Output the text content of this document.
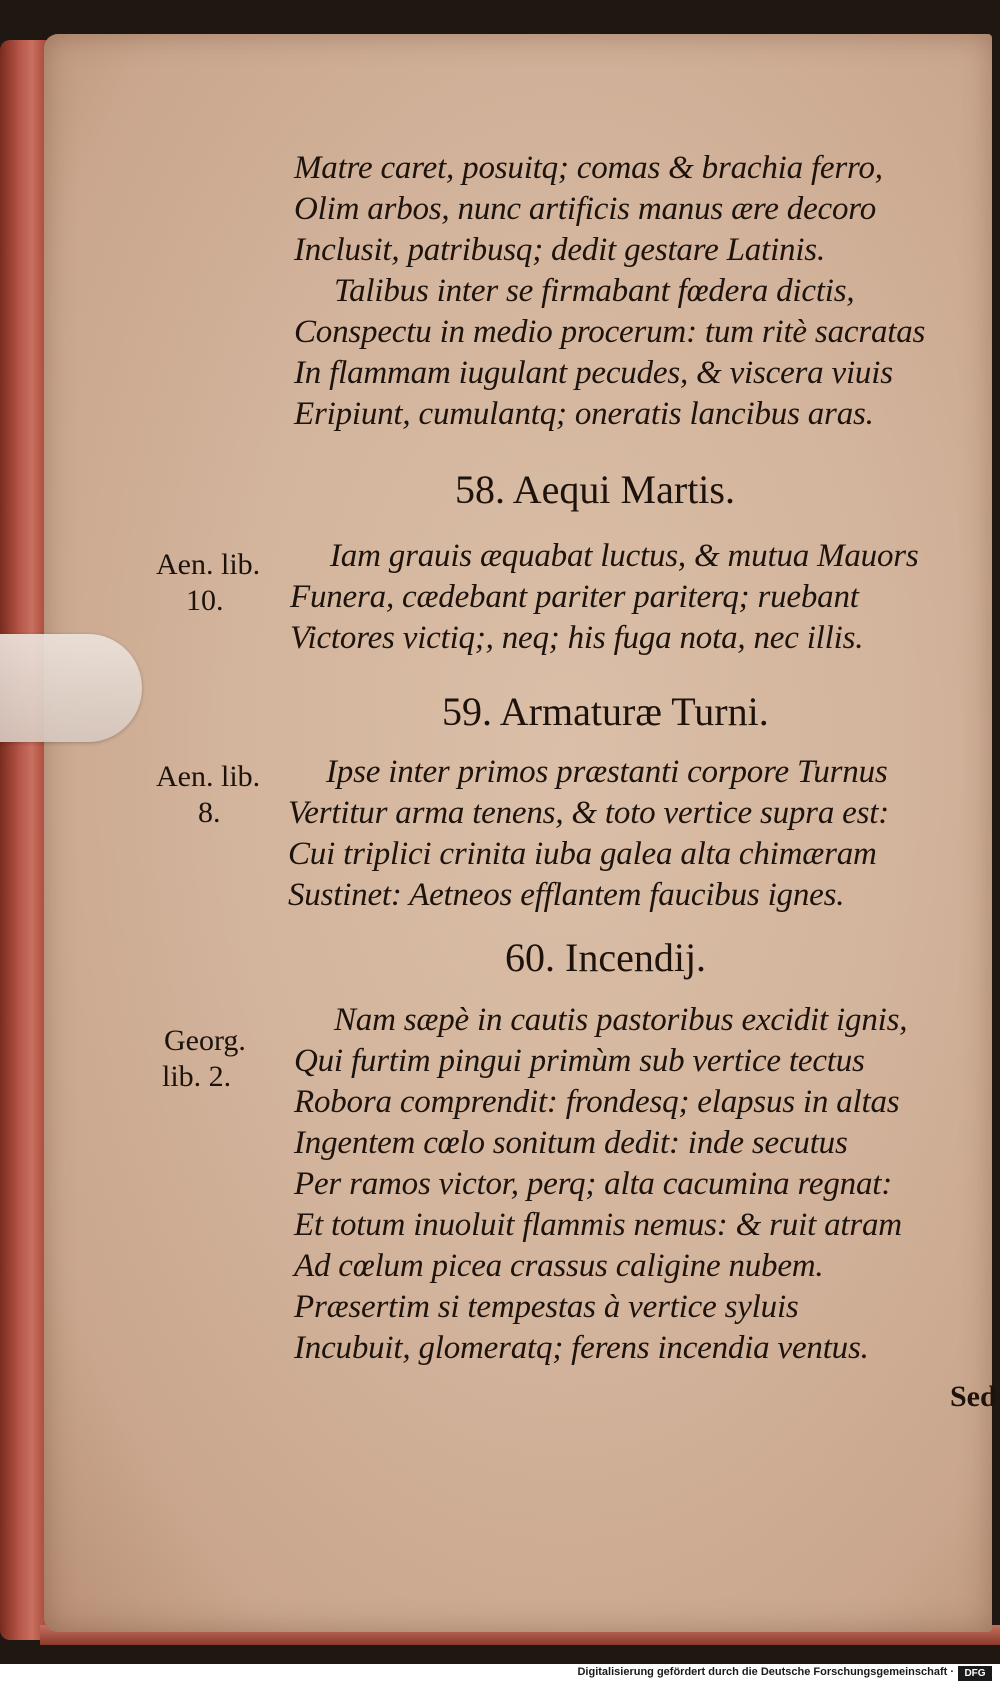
Matre caret, posuitq; comas & brachia ferro,
Olim arbos, nunc artificis manus ære decoro
Inclusit, patribusq; dedit gestare Latinis.
Talibus inter se firmabant fœdera dictis,
Conspectu in medio procerum: tum ritè sacratas
In flammam iugulant pecudes, & viscera viuis
Eripiunt, cumulantq; oneratis lancibus aras.
58. Aequi Martis.
Aen. lib.
10.
Iam grauis æquabat luctus, & mutua Mauors
Funera, cædebant pariter pariterq; ruebant
Victores victiq;, neq; his fuga nota, nec illis.
59. Armaturæ Turni.
Aen. lib.
8.
Ipse inter primos præstanti corpore Turnus
Vertitur arma tenens, & toto vertice supra est:
Cui triplici crinita iuba galea alta chimæram
Sustinet: Aetneos efflantem faucibus ignes.
60. Incendij.
Georg.
lib. 2.
Nam sæpè in cautis pastoribus excidit ignis,
Qui furtim pingui primùm sub vertice tectus
Robora comprendit: frondesq; elapsus in altas
Ingentem cœlo sonitum dedit: inde secutus
Per ramos victor, perq; alta cacumina regnat:
Et totum inuoluit flammis nemus: & ruit atram
Ad cœlum picea crassus caligine nubem.
Præsertim si tempestas à vertice syluis
Incubuit, glomeratq; ferens incendia ventus.
Sed
Digitalisierung gefördert durch die Deutsche Forschungsgemeinschaft ·	DFG
